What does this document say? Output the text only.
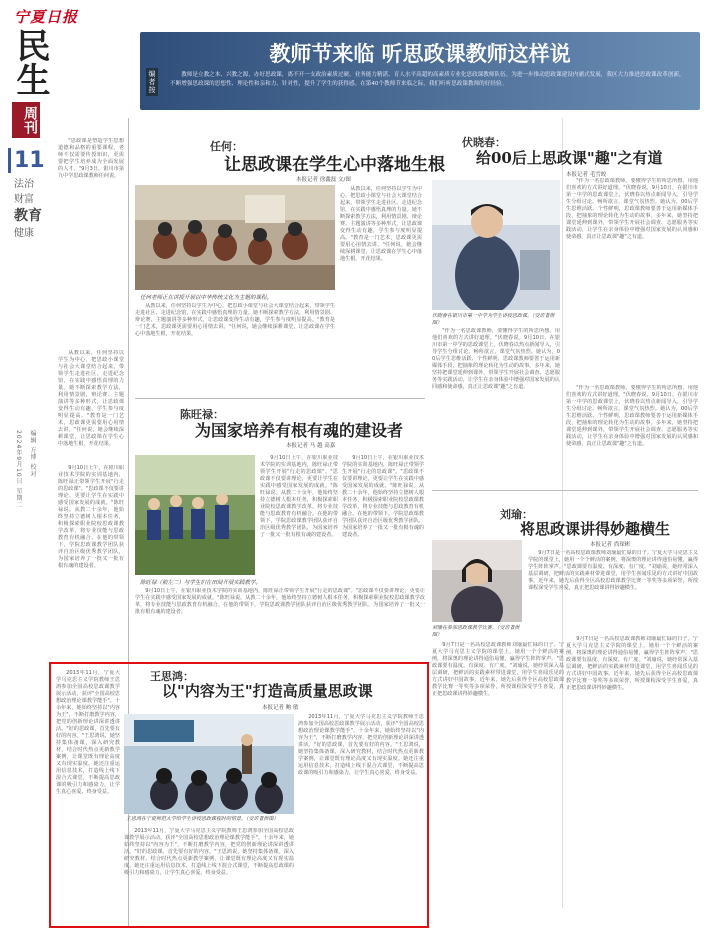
宁夏日报
民生
周刊
11
法治
财富
教育
健康
2024年9月10日 星期二 编辑 方博 校对
教师节来临 听思政课教师这样说
教师是立教之本、兴教之源，办好思政课，离不开一支政治素质过硬、业务能力精湛、育人水平高超的高素质专业化思政课教师队伍。为进一步推动思政课建设内涵式发展，我区大力推进思政课改革创新，不断增强思政课的思想性、理论性和亲和力、针对性，提升了学生的获得感。在第40个教师节来临之际，我们听听思政课教师的好经验。
编者按
任何：
让思政课在学生心中落地生根
本报记者 徐鑫磊 文/图

"思政课是塑造学生思想道德和品格的重要课程，老师不仅需要传授知识，更需要把学生培养成为全面发展的人才。"9月3日，银川市第九中学思政课教师任何说。

从教以来，任何坚持以学生为中心，把思政小课堂与社会大课堂结合起来，带领学生走进社区、走进纪念馆，在实践中感悟真理的力量。她不断探索教学方法，利用情景剧、辩论赛、主题演讲等多种形式，让思政课变得生动有趣，学生参与度明显提高。"教育是一门艺术，思政课更需要用心用情去讲。"任何说，她会继续深耕课堂，让思政课在学生心中落地生根，开花结果。

任何老师正在讲授开展以中华传统文化为主题的课程。

从教以来，任何坚持以学生为中心，把思政小课堂与社会大课堂结合起来，带领学生走进社区、走进纪念馆，在实践中感悟真理的力量。她不断探索教学方法，利用情景剧、辩论赛、主题演讲等多种形式，让思政课变得生动有趣，学生参与度明显提高。"教育是一门艺术，思政课更需要用心用情去讲。"任何说，她会继续深耕课堂，让思政课在学生心中落地生根，开花结果。

从教以来，任何坚持以学生为中心，把思政小课堂与社会大课堂结合起来，带领学生走进社区、走进纪念馆，在实践中感悟真理的力量。她不断探索教学方法，利用情景剧、辩论赛、主题演讲等多种形式，让思政课变得生动有趣，学生参与度明显提高。"教育是一门艺术，思政课更需要用心用情去讲。"任何说，她会继续深耕课堂，让思政课在学生心中落地生根，开花结果。

陈旺禄：
为国家培养有根有魂的建设者
本报记者 马 越 高嘉

9月10日上午，在银川职业技术学院的实训基地内，陈旺禄正带领学生开展"行走的思政课"。"思政课不仅要讲理论，更要让学生在实践中感受国家发展的成就。"陈旺禄说。从教二十余年，他始终坚持立德树人根本任务，积极探索职业院校思政课教学改革，将专业技能与思政教育有机融合。在他的带领下，学院思政课教学团队获评自治区级优秀教学团队，为国家培养了一批又一批有根有魂的建设者。

陈旺禄（前左二）与学生们在田间开展实践教学。

9月10日上午，在银川职业技术学院的实训基地内，陈旺禄正带领学生开展"行走的思政课"。"思政课不仅要讲理论，更要让学生在实践中感受国家发展的成就。"陈旺禄说。从教二十余年，他始终坚持立德树人根本任务，积极探索职业院校思政课教学改革，将专业技能与思政教育有机融合。在他的带领下，学院思政课教学团队获评自治区级优秀教学团队，为国家培养了一批又一批有根有魂的建设者。

9月10日上午，在银川职业技术学院的实训基地内，陈旺禄正带领学生开展"行走的思政课"。"思政课不仅要讲理论，更要让学生在实践中感受国家发展的成就。"陈旺禄说。从教二十余年，他始终坚持立德树人根本任务，积极探索职业院校思政课教学改革，将专业技能与思政教育有机融合。在他的带领下，学院思政课教学团队获评自治区级优秀教学团队，为国家培养了一批又一批有根有魂的建设者。

9月10日上午，在银川职业技术学院的实训基地内，陈旺禄正带领学生开展"行走的思政课"。"思政课不仅要讲理论，更要让学生在实践中感受国家发展的成就。"陈旺禄说。从教二十余年，他始终坚持立德树人根本任务，积极探索职业院校思政课教学改革，将专业技能与思政教育有机融合。在他的带领下，学院思政课教学团队获评自治区级优秀教学团队，为国家培养了一批又一批有根有魂的建设者。

伏晓春：
给00后上思政课"趣"之有道
本报记者 毛雪皎
伏晓春在银川市第一中学为学生讲授思政课。（受访者供图）

"作为一名思政课教师，要懂得学生的所思所想，用他们喜欢的方式讲好道理。"伏晓春说。9月10日，在银川市第一中学的思政课堂上，伏晓春以热点新闻导入，引导学生分组讨论、畅所欲言，课堂气氛热烈。她认为，00后学生思维活跃、个性鲜明，思政课教师要善于运用新媒体手段，把抽象的理论转化为生动的故事。多年来，她坚持把课堂延伸到课外，带领学生开展社会调查、志愿服务等实践活动，让学生在亲身体验中增强对国家发展的认同感和使命感，真正让思政课"趣"之有道。

"作为一名思政课教师，要懂得学生的所思所想，用他们喜欢的方式讲好道理。"伏晓春说。9月10日，在银川市第一中学的思政课堂上，伏晓春以热点新闻导入，引导学生分组讨论、畅所欲言，课堂气氛热烈。她认为，00后学生思维活跃、个性鲜明，思政课教师要善于运用新媒体手段，把抽象的理论转化为生动的故事。多年来，她坚持把课堂延伸到课外，带领学生开展社会调查、志愿服务等实践活动，让学生在亲身体验中增强对国家发展的认同感和使命感，真正让思政课"趣"之有道。	"作为一名思政课教师，要懂得学生的所思所想，用他们喜欢的方式讲好道理。"伏晓春说。9月10日，在银川市第一中学的思政课堂上，伏晓春以热点新闻导入，引导学生分组讨论、畅所欲言，课堂气氛热烈。她认为，00后学生思维活跃、个性鲜明，思政课教师要善于运用新媒体手段，把抽象的理论转化为生动的故事。多年来，她坚持把课堂延伸到课外，带领学生开展社会调查、志愿服务等实践活动，让学生在亲身体验中增强对国家发展的认同感和使命感，真正让思政课"趣"之有道。

刘瑜：
将思政课讲得妙趣横生
本报记者 尚琛彬
刘瑜在参加思政课教学比赛。（受访者供图）

9月7日是一名高校思政课教师刘瑜最忙碌的日子。宁夏大学马克思主义学院的课堂上，她用一个个鲜活的案例，将深奥的理论讲得通俗易懂，赢得学生阵阵掌声。"思政课要有温度、有深度、有广度。"刘瑜说，她经常深入基层调研，把鲜活的实践素材带进课堂，用学生喜闻乐见的方式讲好中国故事。近年来，她先后获得全区高校思政课教学比赛一等奖等多项荣誉，所授课程深受学生喜爱，真正把思政课讲得妙趣横生。

9月7日是一名高校思政课教师刘瑜最忙碌的日子。宁夏大学马克思主义学院的课堂上，她用一个个鲜活的案例，将深奥的理论讲得通俗易懂，赢得学生阵阵掌声。"思政课要有温度、有深度、有广度。"刘瑜说，她经常深入基层调研，把鲜活的实践素材带进课堂，用学生喜闻乐见的方式讲好中国故事。近年来，她先后获得全区高校思政课教学比赛一等奖等多项荣誉，所授课程深受学生喜爱，真正把思政课讲得妙趣横生。

9月7日是一名高校思政课教师刘瑜最忙碌的日子。宁夏大学马克思主义学院的课堂上，她用一个个鲜活的案例，将深奥的理论讲得通俗易懂，赢得学生阵阵掌声。"思政课要有温度、有深度、有广度。"刘瑜说，她经常深入基层调研，把鲜活的实践素材带进课堂，用学生喜闻乐见的方式讲好中国故事。近年来，她先后获得全区高校思政课教学比赛一等奖等多项荣誉，所授课程深受学生喜爱，真正把思政课讲得妙趣横生。

王思鸿：
以"内容为王"打造高质量思政课
本报记者 鲍 敏

2013年11月，宁夏大学马克思主义学院教师王思鸿参加全国高校思政课教学展示活动，获评"全国高校思想政治理论课教学能手"。十余年来，她始终坚持以"内容为王"，不断打磨教学内容，把党的创新理论讲深讲透讲活。"好的思政课，首先要有好的内容。"王思鸿说，她坚持集体备课，深入研究教材，结合时代热点更新教学案例，让课堂既有理论高度又有现实温度。她还注重运用信息技术，打造线上线下混合式课堂，不断提高思政课的吸引力和感染力，让学生真心喜爱、终身受益。

王思鸿在宁夏师范大学给学生讲授思政课程时的情景。（受访者供图）

2013年11月，宁夏大学马克思主义学院教师王思鸿参加全国高校思政课教学展示活动，获评"全国高校思想政治理论课教学能手"。十余年来，她始终坚持以"内容为王"，不断打磨教学内容，把党的创新理论讲深讲透讲活。"好的思政课，首先要有好的内容。"王思鸿说，她坚持集体备课，深入研究教材，结合时代热点更新教学案例，让课堂既有理论高度又有现实温度。她还注重运用信息技术，打造线上线下混合式课堂，不断提高思政课的吸引力和感染力，让学生真心喜爱、终身受益。

2013年11月，宁夏大学马克思主义学院教师王思鸿参加全国高校思政课教学展示活动，获评"全国高校思想政治理论课教学能手"。十余年来，她始终坚持以"内容为王"，不断打磨教学内容，把党的创新理论讲深讲透讲活。"好的思政课，首先要有好的内容。"王思鸿说，她坚持集体备课，深入研究教材，结合时代热点更新教学案例，让课堂既有理论高度又有现实温度。她还注重运用信息技术，打造线上线下混合式课堂，不断提高思政课的吸引力和感染力，让学生真心喜爱、终身受益。
